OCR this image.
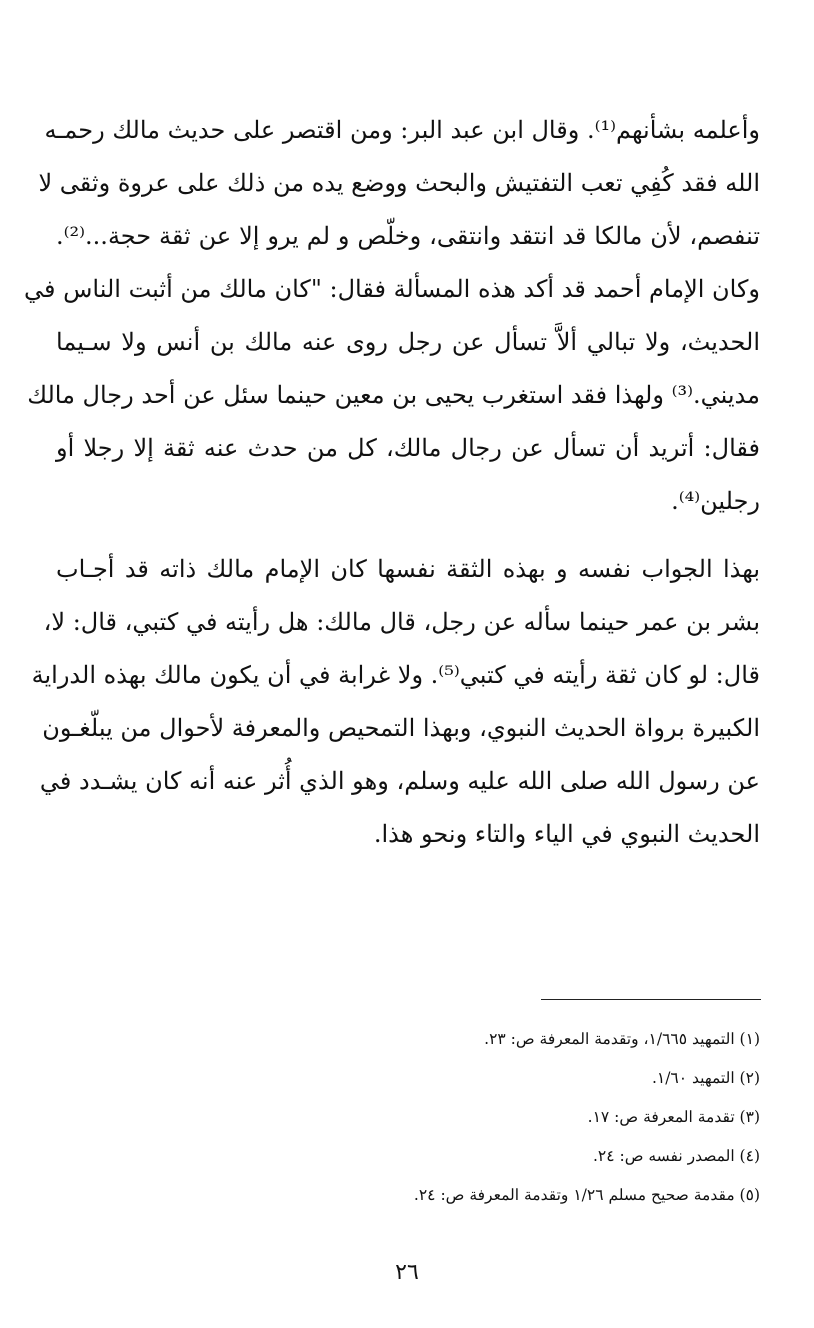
وأعلمه بشأنهم⁽¹⁾. وقال ابن عبد البر: ومن اقتصر على حديث مالك رحمـه
الله فقد كُفِي تعب التفتيش والبحث ووضع يده من ذلك على عروة وثقى لا
تنفصم، لأن مالكا قد انتقد وانتقى، وخلّص و لم يرو إلا عن ثقة حجة...⁽²⁾.
وكان الإمام أحمد قد أكد هذه المسألة فقال: "كان مالك من أثبت الناس في
الحديث، ولا تبالي ألاَّ تسأل عن رجل روى عنه مالك بن أنس ولا سـيما
مديني.⁽³⁾ ولهذا فقد استغرب يحيى بن معين حينما سئل عن أحد رجال مالك
فقال: أتريد أن تسأل عن رجال مالك، كل من حدث عنه ثقة إلا رجلا أو
رجلين⁽⁴⁾.
بهذا الجواب نفسه و بهذه الثقة نفسها كان الإمام مالك ذاته قد أجـاب
بشر بن عمر حينما سأله عن رجل، قال مالك: هل رأيته في كتبي، قال: لا،
قال: لو كان ثقة رأيته في كتبي⁽⁵⁾. ولا غرابة في أن يكون مالك بهذه الدراية
الكبيرة برواة الحديث النبوي، وبهذا التمحيص والمعرفة لأحوال من يبلّغـون
عن رسول الله صلى الله عليه وسلم، وهو الذي أُثر عنه أنه كان يشـدد في
الحديث النبوي في الياء والتاء ونحو هذا.
(١) التمهيد ١/٦٦٥، وتقدمة المعرفة ص: ٢٣.
(٢) التمهيد ١/٦٠.
(٣) تقدمة المعرفة ص: ١٧.
(٤) المصدر نفسه ص: ٢٤.
(٥) مقدمة صحيح مسلم ١/٢٦ وتقدمة المعرفة ص: ٢٤.
٢٦
